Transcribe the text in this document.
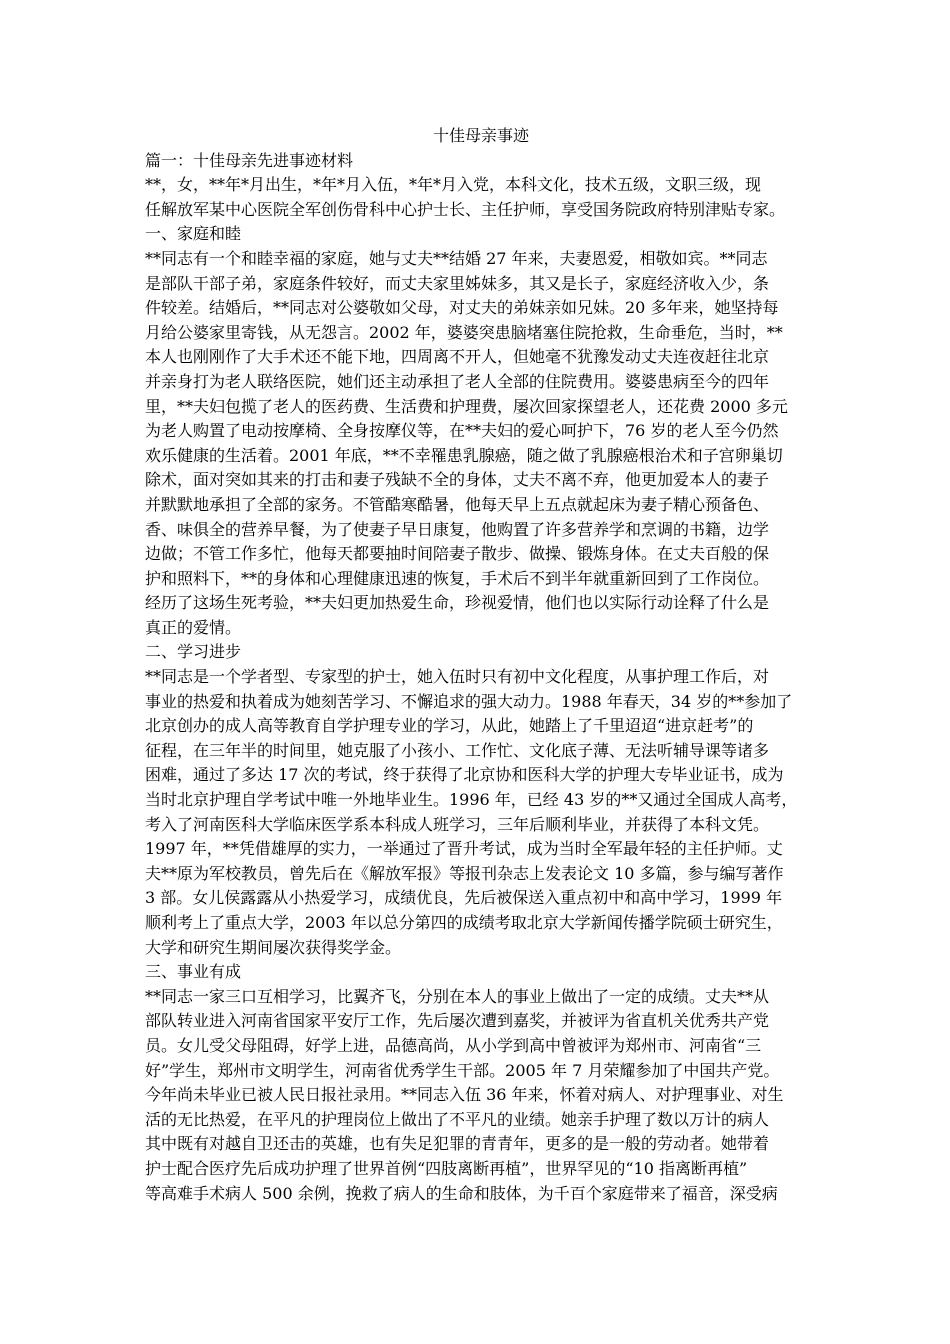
十佳母亲事迹

篇一：十佳母亲先进事迹材料

**，女，**年*月出生，*年*月入伍，*年*月入党，本科文化，技术五级，文职三级，现

任解放军某中心医院全军创伤骨科中心护士长、主任护师，享受国务院政府特别津贴专家。

一、家庭和睦

**同志有一个和睦幸福的家庭，她与丈夫**结婚 27 年来，夫妻恩爱，相敬如宾。**同志

是部队干部子弟，家庭条件较好，而丈夫家里姊妹多，其又是长子，家庭经济收入少，条

件较差。结婚后，**同志对公婆敬如父母，对丈夫的弟妹亲如兄妹。20 多年来，她坚持每

月给公婆家里寄钱，从无怨言。2002 年，婆婆突患脑堵塞住院抢救，生命垂危，当时，**

本人也刚刚作了大手术还不能下地，四周离不开人，但她毫不犹豫发动丈夫连夜赶往北京

并亲身打为老人联络医院，她们还主动承担了老人全部的住院费用。婆婆患病至今的四年

里，**夫妇包揽了老人的医药费、生活费和护理费，屡次回家探望老人，还花费 2000 多元

为老人购置了电动按摩椅、全身按摩仪等，在**夫妇的爱心呵护下，76 岁的老人至今仍然

欢乐健康的生活着。2001 年底，**不幸罹患乳腺癌，随之做了乳腺癌根治术和子宫卵巢切

除术，面对突如其来的打击和妻子残缺不全的身体，丈夫不离不弃，他更加爱本人的妻子

并默默地承担了全部的家务。不管酷寒酷暑，他每天早上五点就起床为妻子精心预备色、

香、味俱全的营养早餐，为了使妻子早日康复，他购置了许多营养学和烹调的书籍，边学

边做；不管工作多忙，他每天都要抽时间陪妻子散步、做操、锻炼身体。在丈夫百般的保

护和照料下，**的身体和心理健康迅速的恢复，手术后不到半年就重新回到了工作岗位。

经历了这场生死考验，**夫妇更加热爱生命，珍视爱情，他们也以实际行动诠释了什么是

真正的爱情。

二、学习进步

**同志是一个学者型、专家型的护士，她入伍时只有初中文化程度，从事护理工作后，对

事业的热爱和执着成为她刻苦学习、不懈追求的强大动力。1988 年春天，34 岁的**参加了

北京创办的成人高等教育自学护理专业的学习，从此，她踏上了千里迢迢“进京赶考”的

征程，在三年半的时间里，她克服了小孩小、工作忙、文化底子薄、无法听辅导课等诸多

困难，通过了多达 17 次的考试，终于获得了北京协和医科大学的护理大专毕业证书，成为

当时北京护理自学考试中唯一外地毕业生。1996 年，已经 43 岁的**又通过全国成人高考，

考入了河南医科大学临床医学系本科成人班学习，三年后顺利毕业，并获得了本科文凭。

1997 年，**凭借雄厚的实力，一举通过了晋升考试，成为当时全军最年轻的主任护师。丈

夫**原为军校教员，曾先后在《解放军报》等报刊杂志上发表论文 10 多篇，参与编写著作

3 部。女儿侯露露从小热爱学习，成绩优良，先后被保送入重点初中和高中学习，1999 年

顺利考上了重点大学，2003 年以总分第四的成绩考取北京大学新闻传播学院硕士研究生，

大学和研究生期间屡次获得奖学金。

三、事业有成

**同志一家三口互相学习，比翼齐飞，分别在本人的事业上做出了一定的成绩。丈夫**从

部队转业进入河南省国家平安厅工作，先后屡次遭到嘉奖，并被评为省直机关优秀共产党

员。女儿受父母阻碍，好学上进，品德高尚，从小学到高中曾被评为郑州市、河南省“三

好”学生，郑州市文明学生，河南省优秀学生干部。2005 年 7 月荣耀参加了中国共产党。

今年尚未毕业已被人民日报社录用。**同志入伍 36 年来，怀着对病人、对护理事业、对生

活的无比热爱，在平凡的护理岗位上做出了不平凡的业绩。她亲手护理了数以万计的病人

其中既有对越自卫还击的英雄，也有失足犯罪的青青年，更多的是一般的劳动者。她带着

护士配合医疗先后成功护理了世界首例“四肢离断再植”，世界罕见的“10 指离断再植”

等高难手术病人 500 余例，挽救了病人的生命和肢体，为千百个家庭带来了福音，深受病
